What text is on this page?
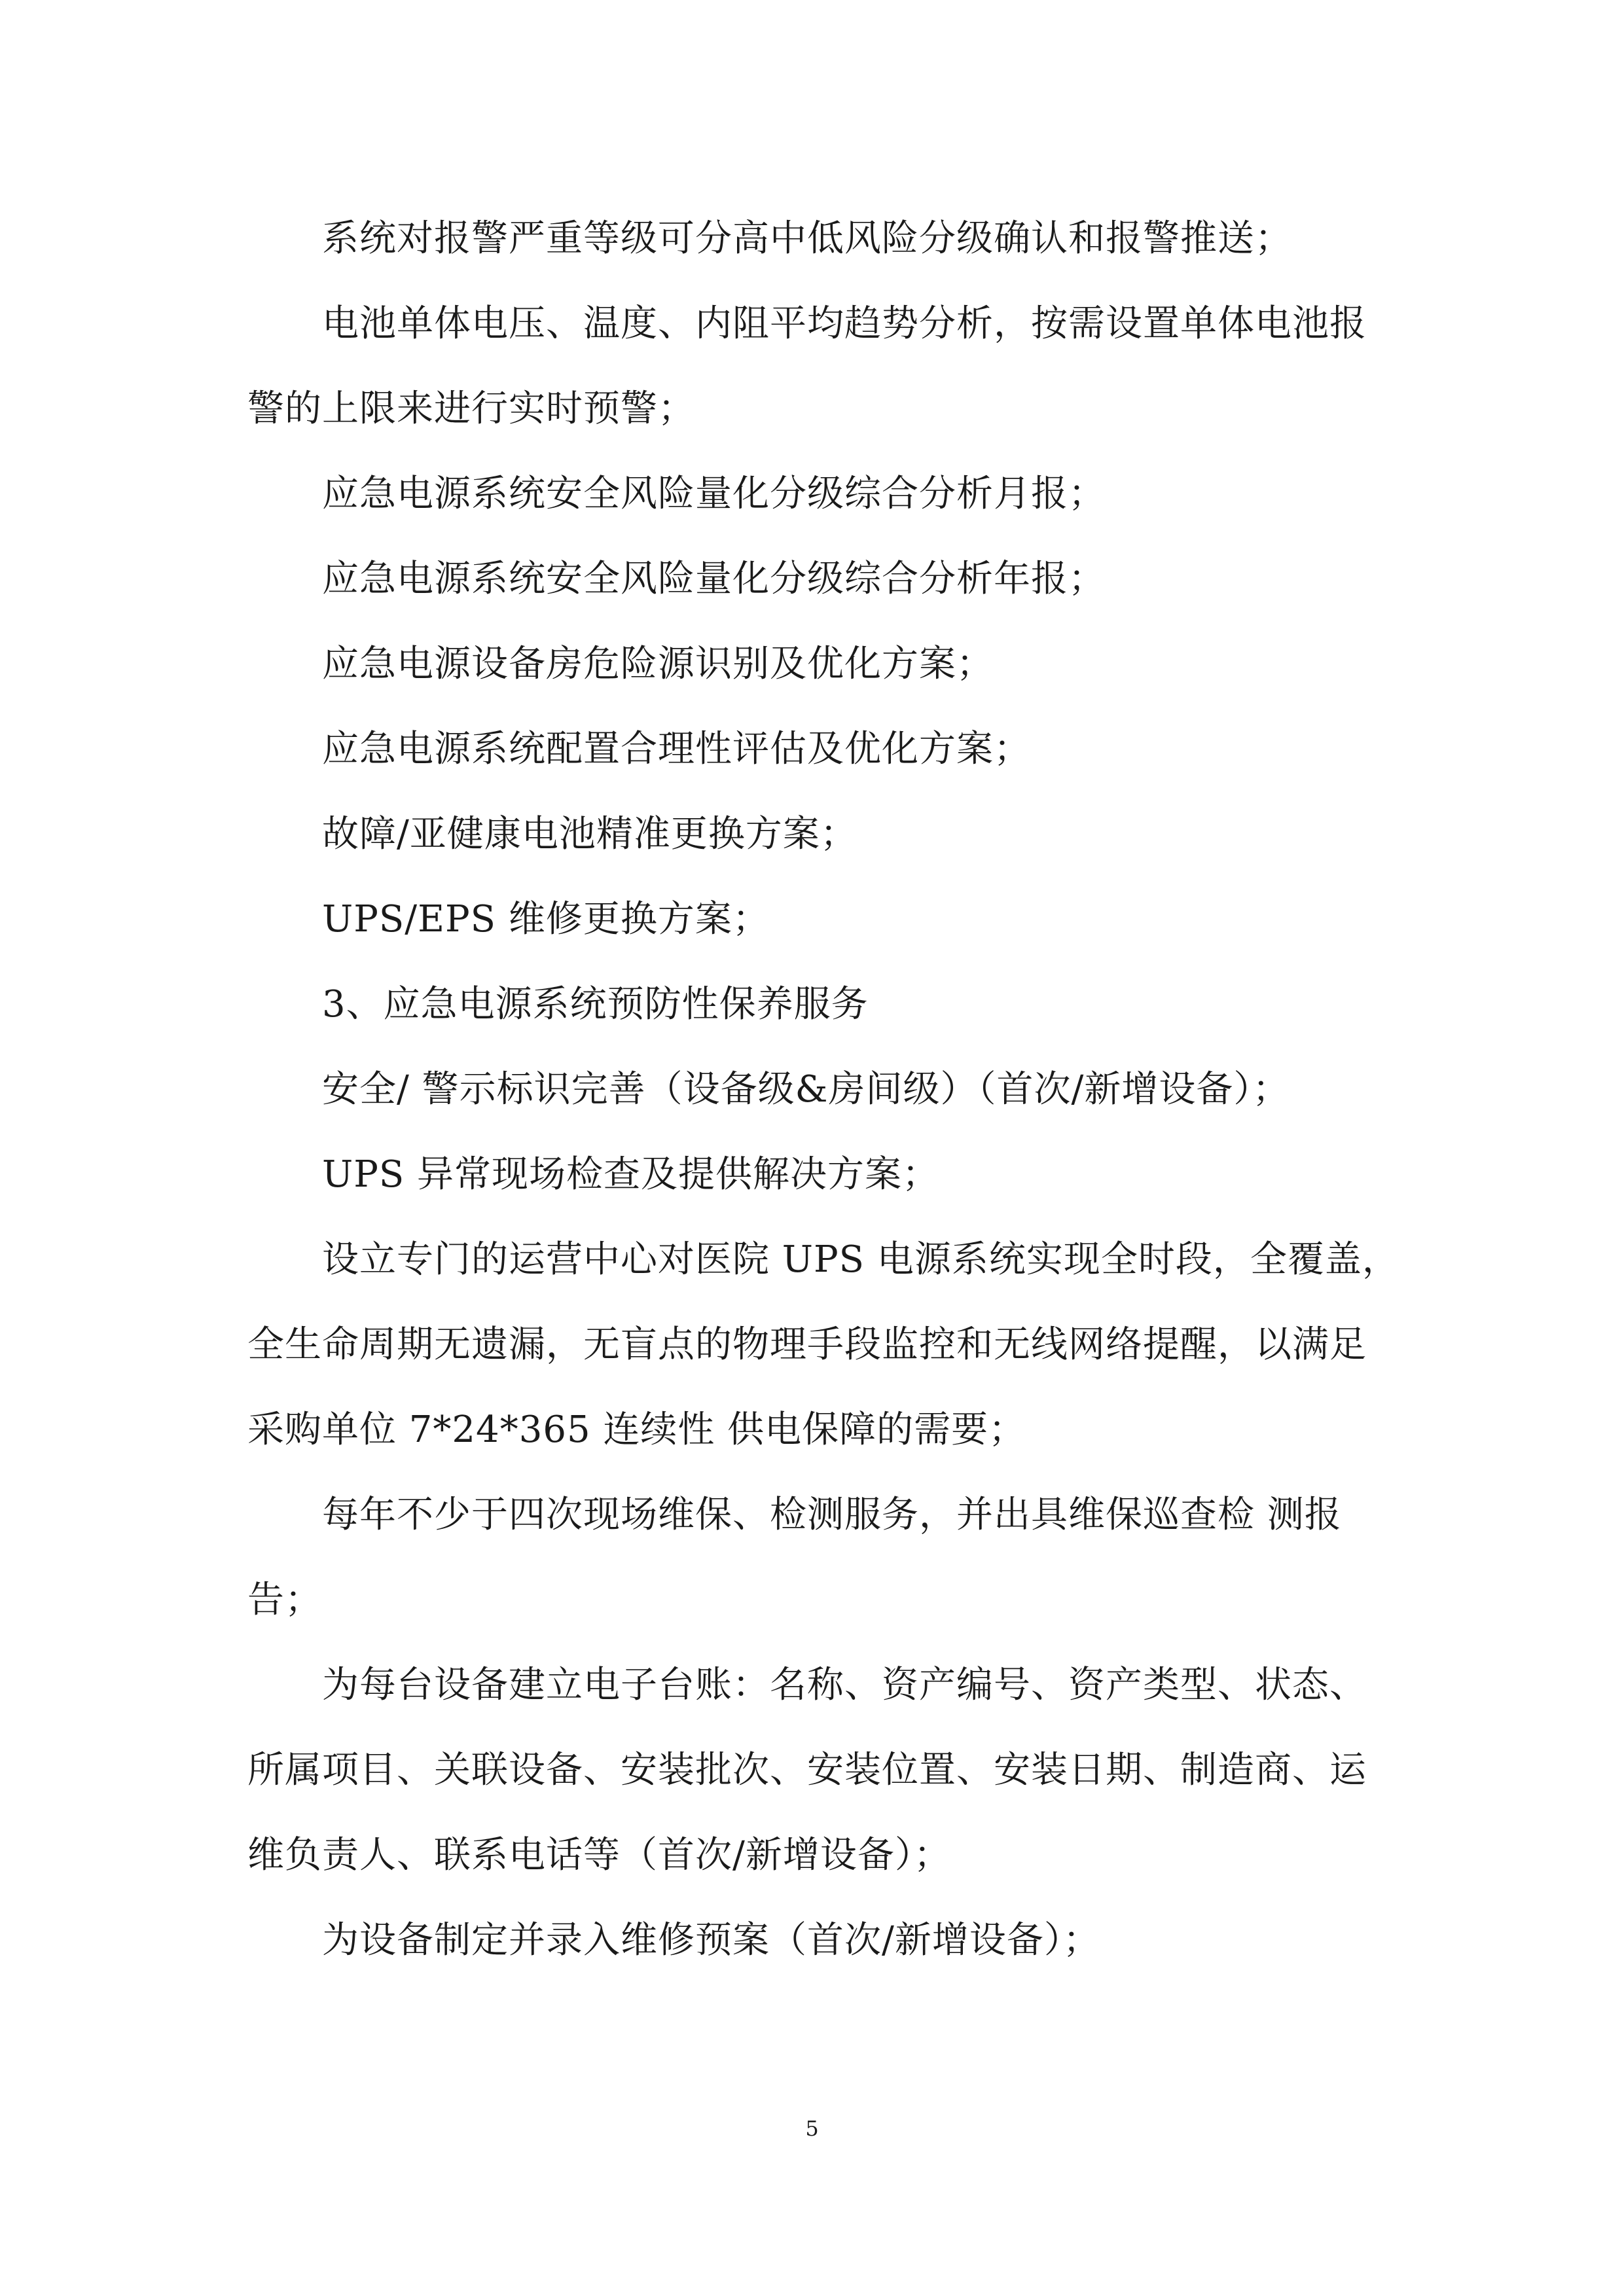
系统对报警严重等级可分高中低风险分级确认和报警推送；
电池单体电压、温度、内阻平均趋势分析，按需设置单体电池报
警的上限来进行实时预警；
应急电源系统安全风险量化分级综合分析月报；
应急电源系统安全风险量化分级综合分析年报；
应急电源设备房危险源识别及优化方案；
应急电源系统配置合理性评估及优化方案；
故障/亚健康电池精准更换方案；
UPS/EPS 维修更换方案；
3、应急电源系统预防性保养服务
安全/ 警示标识完善（设备级&房间级）（首次/新增设备）；
UPS 异常现场检查及提供解决方案；
设立专门的运营中心对医院 UPS 电源系统实现全时段，全覆盖，
全生命周期无遗漏，无盲点的物理手段监控和无线网络提醒，以满足
采购单位 7*24*365 连续性 供电保障的需要；
每年不少于四次现场维保、检测服务，并出具维保巡查检 测报
告；
为每台设备建立电子台账：名称、资产编号、资产类型、状态、
所属项目、关联设备、安装批次、安装位置、安装日期、制造商、运
维负责人、联系电话等（首次/新增设备）；
为设备制定并录入维修预案（首次/新增设备）；
5
